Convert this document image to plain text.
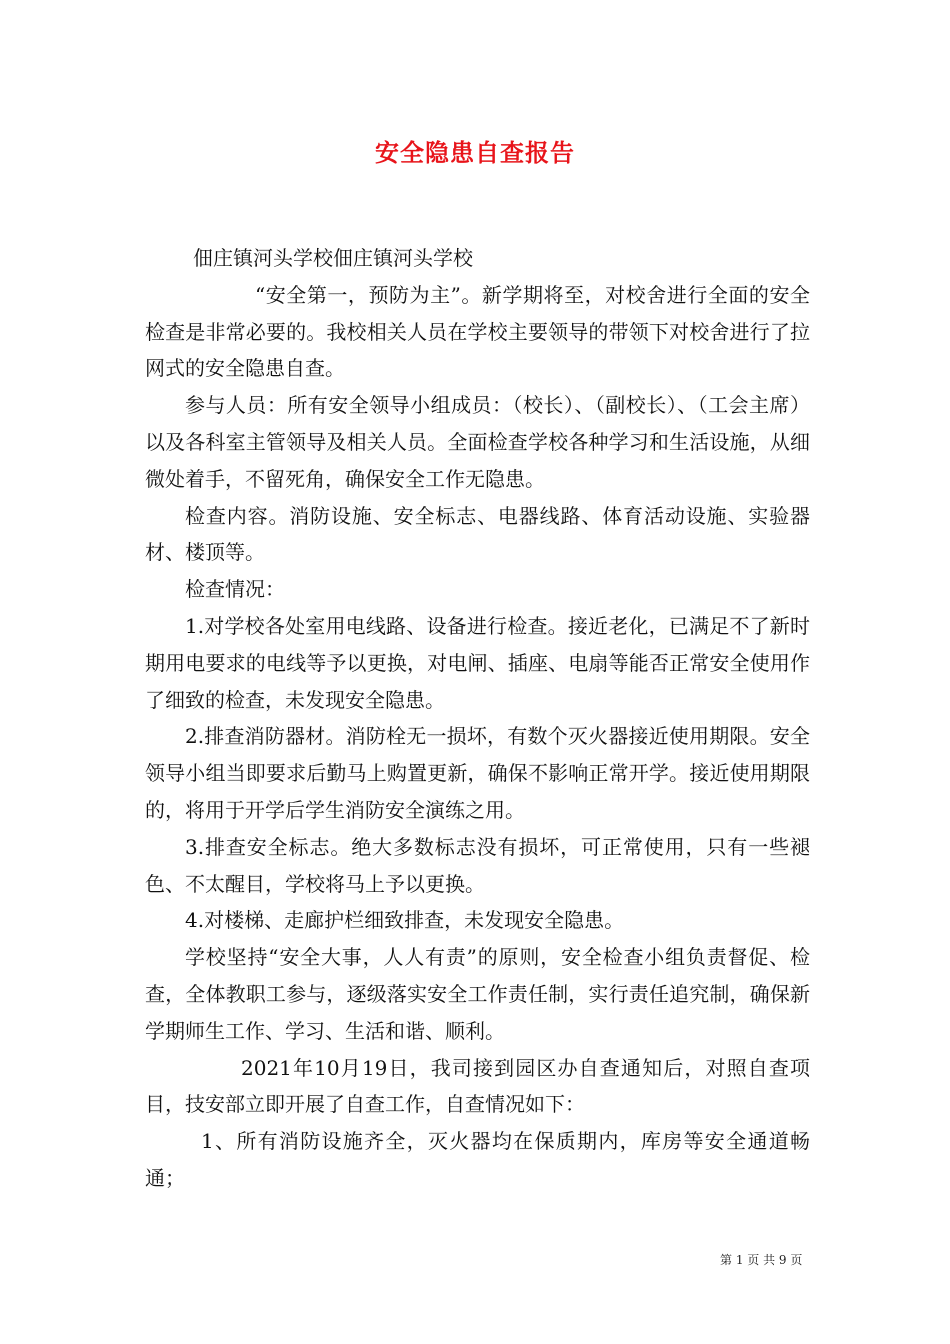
安全隐患自查报告

佃庄镇河头学校佃庄镇河头学校

“安全第一，预防为主”。新学期将至，对校舍进行全面的安全检查是非常必要的。我校相关人员在学校主要领导的带领下对校舍进行了拉网式的安全隐患自查。

参与人员：所有安全领导小组成员：（校长）、（副校长）、（工会主席）以及各科室主管领导及相关人员。全面检查学校各种学习和生活设施，从细微处着手，不留死角，确保安全工作无隐患。

检查内容。消防设施、安全标志、电器线路、体育活动设施、实验器材、楼顶等。

检查情况：

1.对学校各处室用电线路、设备进行检查。接近老化，已满足不了新时期用电要求的电线等予以更换，对电闸、插座、电扇等能否正常安全使用作了细致的检查，未发现安全隐患。

2.排查消防器材。消防栓无一损坏，有数个灭火器接近使用期限。安全领导小组当即要求后勤马上购置更新，确保不影响正常开学。接近使用期限的，将用于开学后学生消防安全演练之用。

3.排查安全标志。绝大多数标志没有损坏，可正常使用，只有一些褪色、不太醒目，学校将马上予以更换。

4.对楼梯、走廊护栏细致排查，未发现安全隐患。

学校坚持“安全大事，人人有责”的原则，安全检查小组负责督促、检查，全体教职工参与，逐级落实安全工作责任制，实行责任追究制，确保新学期师生工作、学习、生活和谐、顺利。

2021年10月19日，我司接到园区办自查通知后，对照自查项目，技安部立即开展了自查工作，自查情况如下：

1、所有消防设施齐全，灭火器均在保质期内，库房等安全通道畅通；

第 1 页 共 9 页
